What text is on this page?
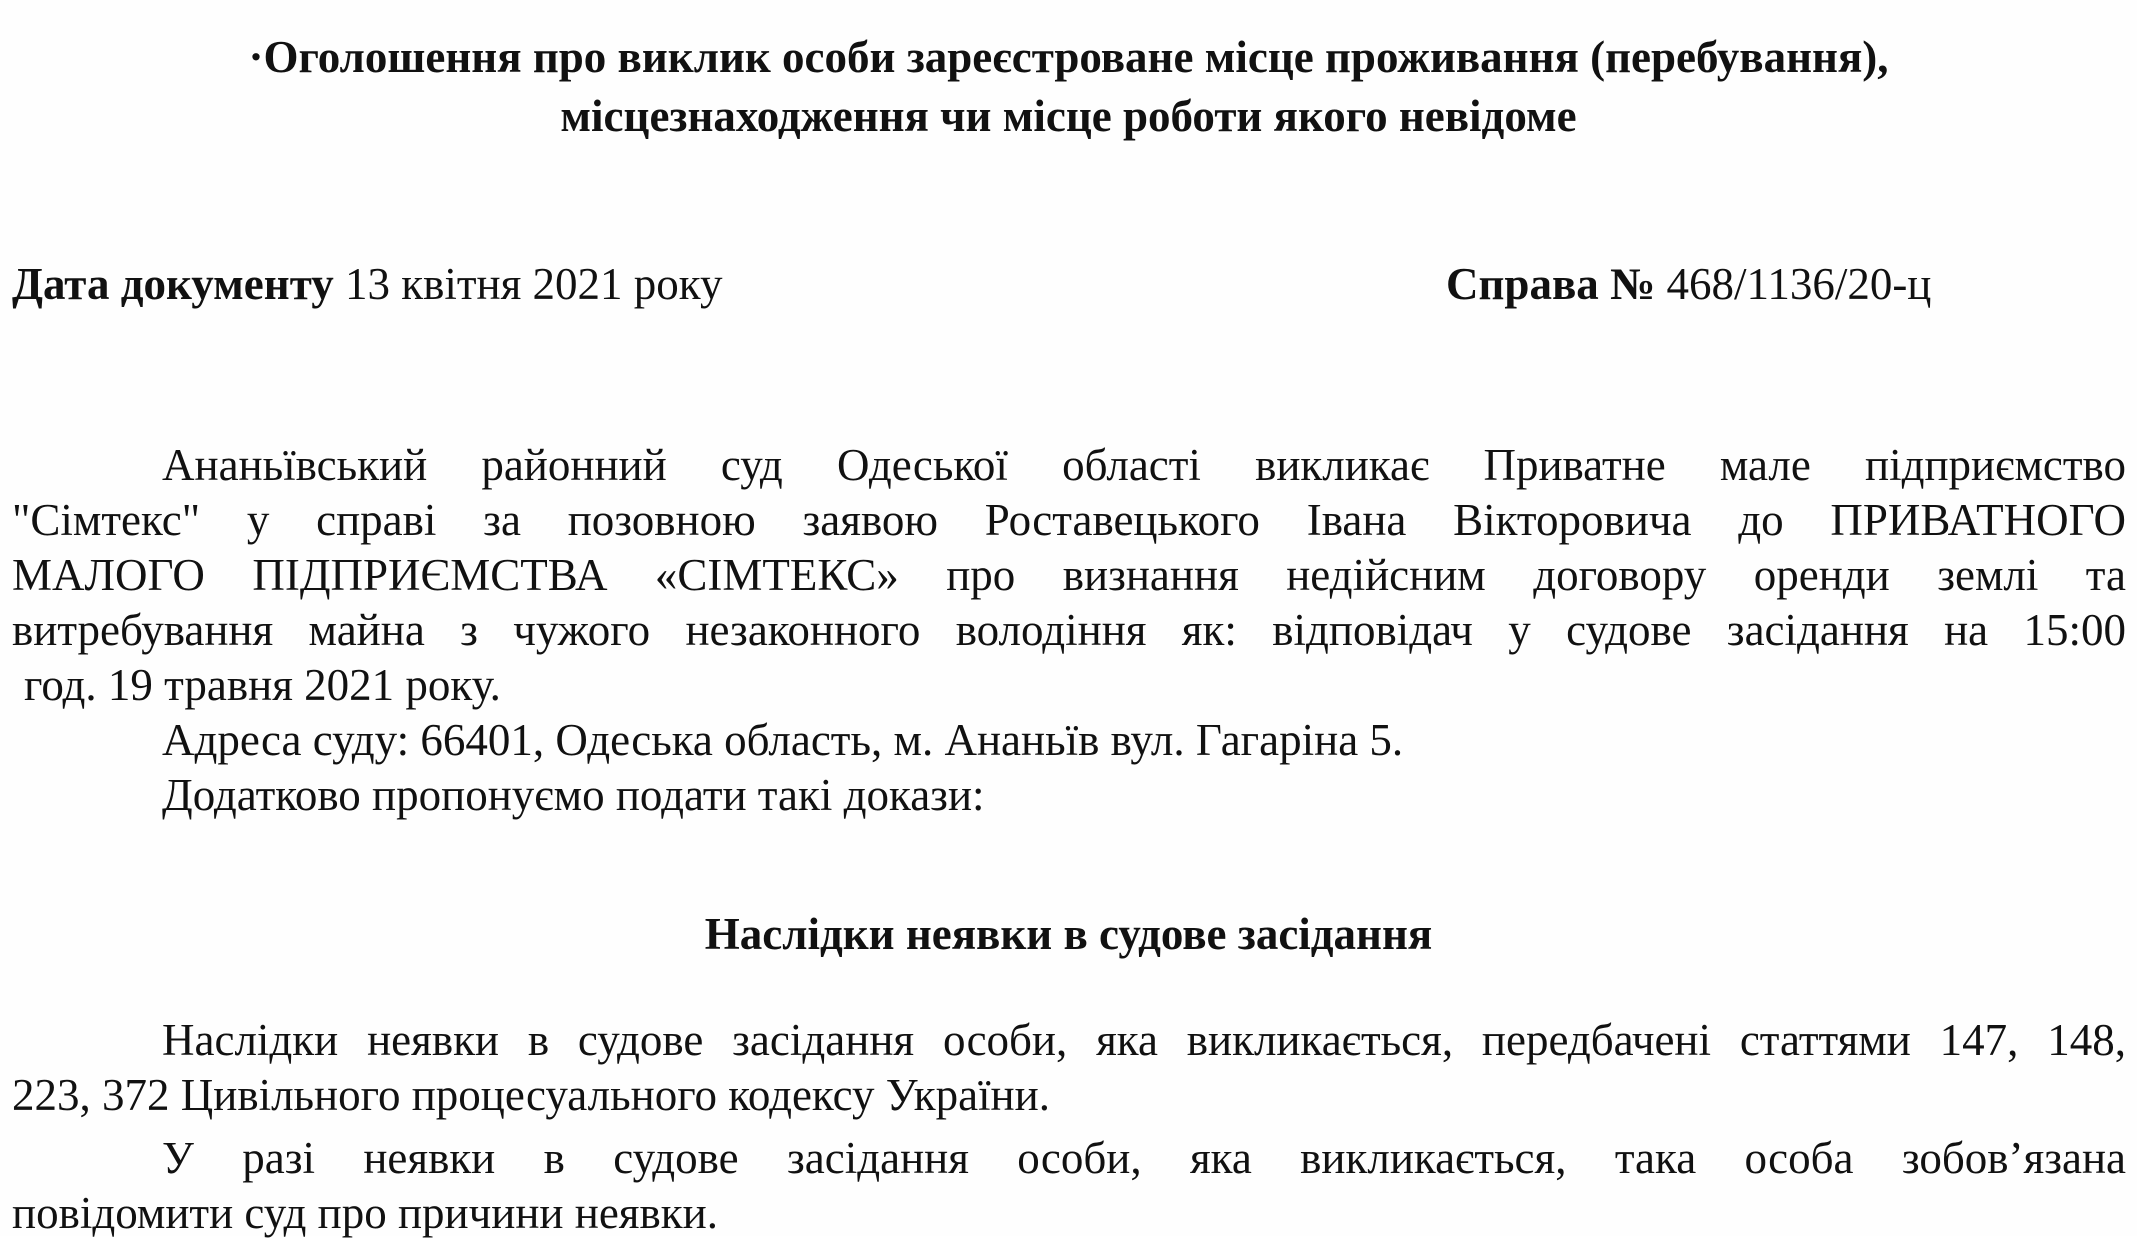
·Оголошення про виклик особи зареєстроване місце проживання (перебування),
місцезнаходження чи місце роботи якого невідоме
Дата документу 13 квітня 2021 року	Справа № 468/1136/20-ц
Ананьївський районний суд Одеської області викликає Приватне мале підприємство
"Сімтекс" у справі за позовною заявою Роставецького Івана Вікторовича до ПРИВАТНОГО
МАЛОГО ПІДПРИЄМСТВА «СІМТЕКС» про визнання недійсним договору оренди землі та
витребування майна з чужого незаконного володіння як: відповідач у судове засідання на 15:00
год. 19 травня 2021 року.
Адреса суду: 66401, Одеська область, м. Ананьїв вул. Гагаріна 5.
Додатково пропонуємо подати такі докази:
Наслідки неявки в судове засідання
Наслідки неявки в судове засідання особи, яка викликається, передбачені статтями 147, 148,
223, 372 Цивільного процесуального кодексу України.
У разі неявки в судове засідання особи, яка викликається, така особа зобов’язана
повідомити суд про причини неявки.
